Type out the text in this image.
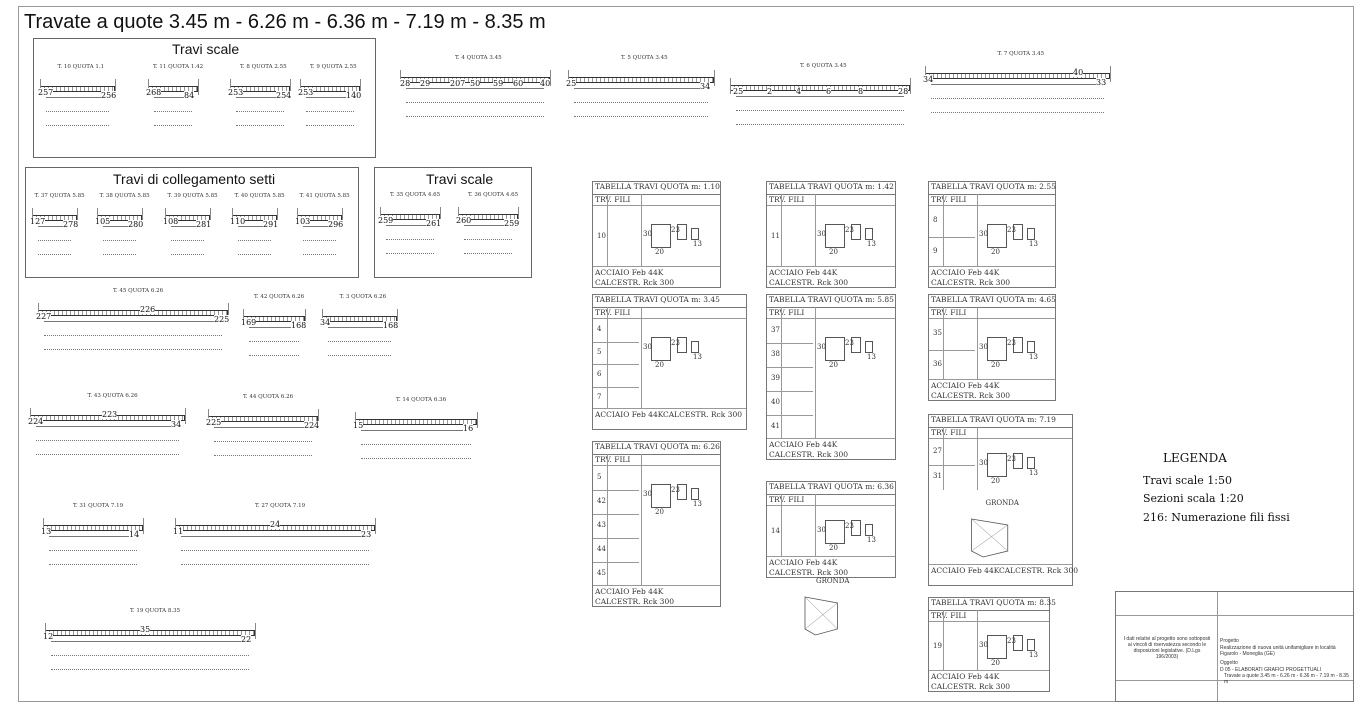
Travate a quote 3.45 m - 6.26 m - 6.36 m - 7.19 m - 8.35 m
Travi scale
Travi di collegamento setti	Travi scale
T. 10 QUOTA 1.1
257	256
T. 11 QUOTA 1.42
268	84
T. 8 QUOTA 2.55
253	254
T. 9 QUOTA 2.55
253	140
T. 4 QUOTA 3.45
28 29 207 50 59 60 40
T. 5 QUOTA 3.45
25	34
T. 6 QUOTA 3.45
25	2	4	6	8	28
T. 7 QUOTA 3.45
34
40
33
T. 37 QUOTA 5.85
127 278
T. 38 QUOTA 5.85
105 280
T. 39 QUOTA 5.85
108 281
T. 40 QUOTA 5.85
110 291
T. 41 QUOTA 5.85
103 296
T. 35 QUOTA 4.65
259	261
T. 36 QUOTA 4.65
260	259
T. 45 QUOTA 6.26
227
226
225
T. 42 QUOTA 6.26
169	168
T. 3 QUOTA 6.26
34	168
T. 43 QUOTA 6.26
224
223
34
T. 44 QUOTA 6.26
225	224
T. 14 QUOTA 6.36
15	16
T. 31 QUOTA 7.19
13	14
T. 27 QUOTA 7.19
11
24
23
T. 19 QUOTA 8.35
12
35
22
TABELLA TRAVI QUOTA m: 1.10
TRV. FILI
10
20
30	23
13
ACCIAIO Feb 44K
CALCESTR. Rck 300
TABELLA TRAVI QUOTA m: 1.42
TRV. FILI
11
20
30	23
13
ACCIAIO Feb 44K
CALCESTR. Rck 300
TABELLA TRAVI QUOTA m: 2.55
TRV. FILI
8
9	20
30	23
13
ACCIAIO Feb 44K
CALCESTR. Rck 300
TABELLA TRAVI QUOTA m: 3.45
TRV. FILI
4
5
6
7
20
30	23
13
ACCIAIO Feb 44K CALCESTR. Rck 300
TABELLA TRAVI QUOTA m: 5.85
TRV. FILI
37
38
39
40
41
20
30	23
13
ACCIAIO Feb 44K
CALCESTR. Rck 300
TABELLA TRAVI QUOTA m: 4.65
TRV. FILI
35
36	20
30	23
13
ACCIAIO Feb 44K
CALCESTR. Rck 300
TABELLA TRAVI QUOTA m: 7.19
TRV. FILI
27
31
20
30	23
13
ACCIAIO Feb 44K CALCESTR. Rck 300
TABELLA TRAVI QUOTA m: 6.26
TRV. FILI
5
42
43
44
45
20
30	23
13
ACCIAIO Feb 44K
CALCESTR. Rck 300
TABELLA TRAVI QUOTA m: 6.36
TRV. FILI
14
20
30	23
13
ACCIAIO Feb 44K
CALCESTR. Rck 300
TABELLA TRAVI QUOTA m: 8.35
TRV. FILI
19
20
30	23
13
ACCIAIO Feb 44K
CALCESTR. Rck 300
GRONDA
GRONDA
LEGENDA
Travi scale 1:50
Sezioni scala 1:20
216: Numerazione fili fissi
I dati relativi al progetto sono sottoposti ai vincoli di riservatezza secondo le disposizioni legislative. (D.Lgs 196/2003)
Progetto
Realizzazione di nuova unità unifamigliare in località Figarolo - Moneglia (GE)
Oggetto
D 05 - ELABORATI GRAFICI PROGETTUALI
Travate a quote 3.45 m - 6.26 m - 6.36 m - 7.19 m - 8.35 m
